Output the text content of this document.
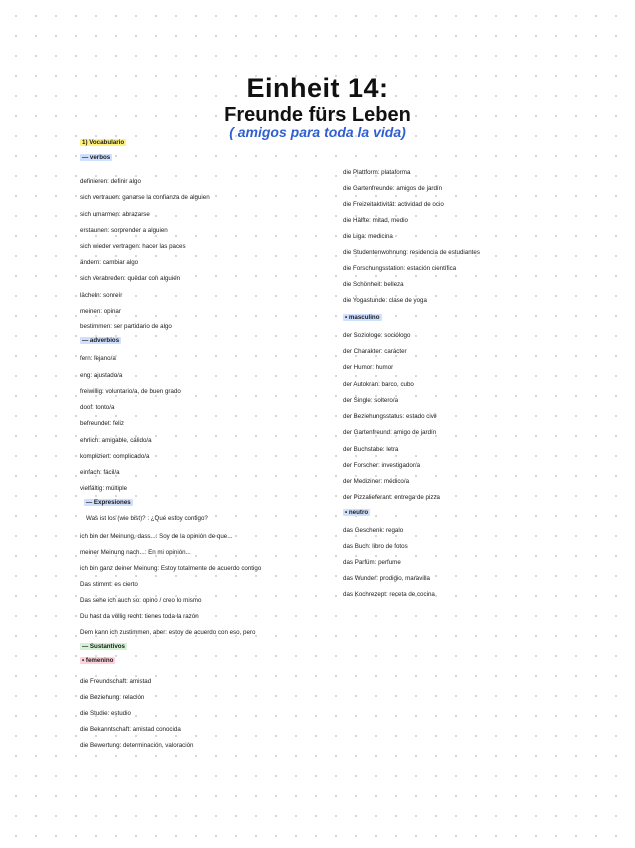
Einheit 14:
Freunde fürs Leben
( amigos para toda la vida)
1) Vocabulario
— verbos
definieren: definir algo
sich vertrauen: ganarse la confianza de alguien
sich umarmen: abrazarse
erstaunen: sorprender a alguien
sich wieder vertragen: hacer las paces
ändern: cambiar algo
sich verabreden: quedar con alguien
lächeln: sonreír
meinen: opinar
bestimmen: ser partidario de algo
— adverbios
fern: lejano/a
eng: ajustado/a
freiwillig: voluntario/a, de buen grado
doof: tonto/a
befreundet: feliz
ehrlich: amigable, cálido/a
kompliziert: complicado/a
einfach: fácil/a
vielfältig: múltiple
— Expresiones
Was ist los (wie bist)? : ¿Qué estoy contigo?
ich bin der Meinung, dass...: Soy de la opinión de que...
meiner Meinung nach...: En mi opinión...
ich bin ganz deiner Meinung: Estoy totalmente de acuerdo contigo
Das stimmt: es cierto
Das sehe ich auch so: opino / creo lo mismo
Du hast da völlig recht: tienes toda la razón
Dem kann ich zustimmen, aber: estoy de acuerdo con eso, pero
— Sustantivos
• femenino
die Freundschaft: amistad
die Beziehung: relación
die Studie: estudio
die Bekanntschaft: amistad conocida
die Bewertung: determinación, valoración
die Plattform: plataforma
die Gartenfreunde: amigos de jardín
die Freizeitaktivität: actividad de ocio
die Hälfte: mitad, medio
die Liga: medicina
die Studentenwohnung: residencia de estudiantes
die Forschungsstation: estación científica
die Schönheit: belleza
die Yogastunde: clase de yoga
• masculino
der Soziologe: sociólogo
der Charakter: carácter
der Humor: humor
der Autokran: barco, cubo
der Single: soltero/a
der Beziehungsstatus: estado civil
der Gartenfreund: amigo de jardín
der Buchstabe: letra
der Forscher: investigador/a
der Mediziner: médico/a
der Pizzalieferant: entrega de pizza
• neutro
das Geschenk: regalo
das Buch: libro de fotos
das Parfüm: perfume
das Wunder: prodigio, maravilla
das Kochrezept: receta de cocina
